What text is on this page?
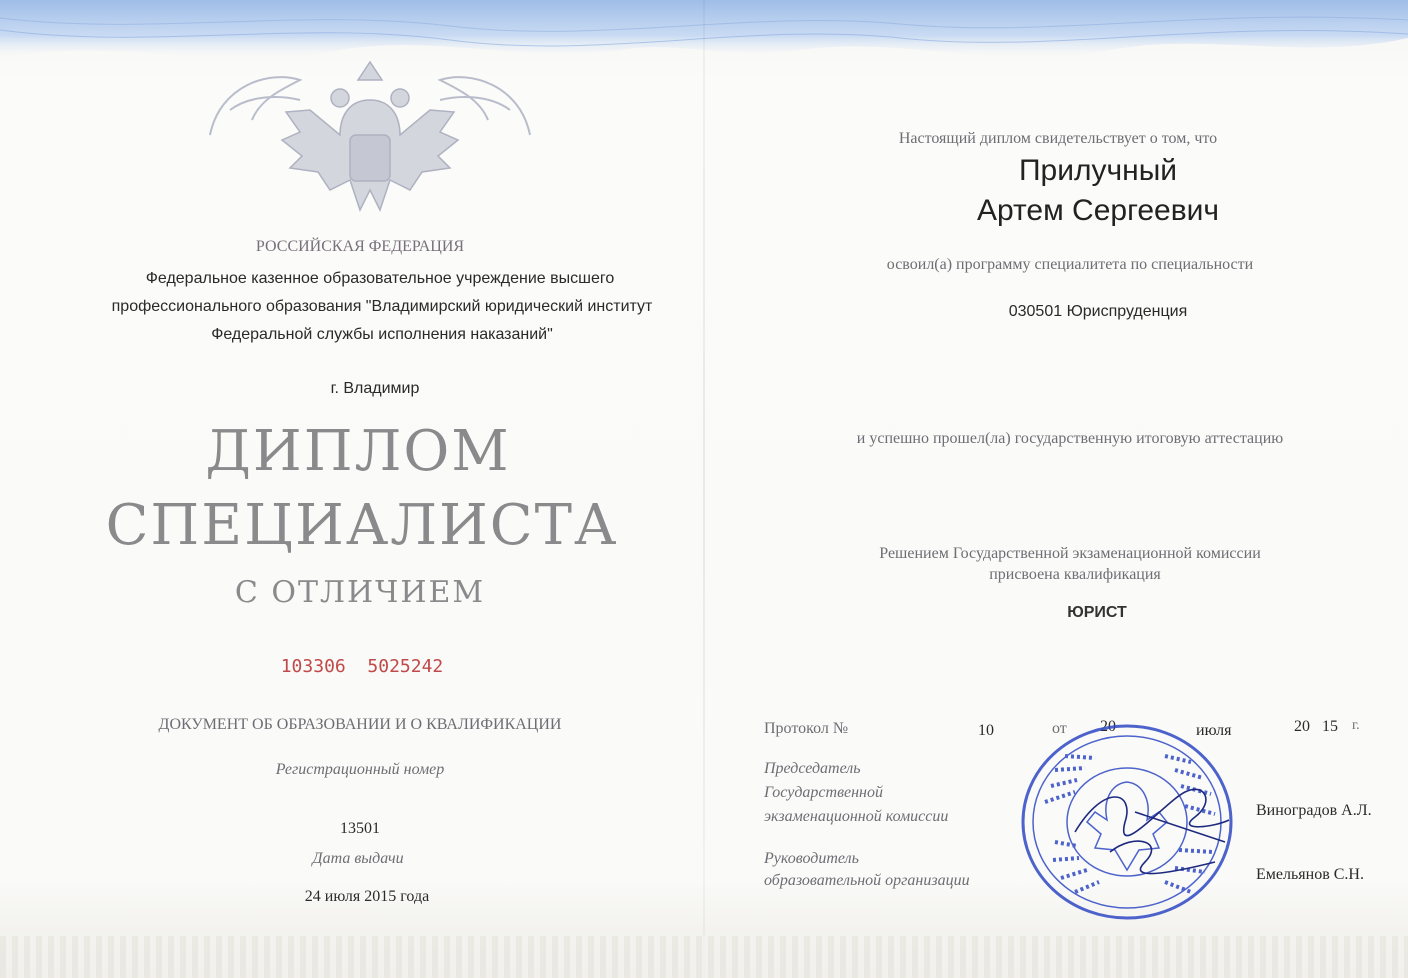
РОССИЙСКАЯ ФЕДЕРАЦИЯ
Федеральное казенное образовательное учреждение высшего
профессионального образования "Владимирский юридический институт
Федеральной службы исполнения наказаний"
г. Владимир
ДИПЛОМ
СПЕЦИАЛИСТА
С ОТЛИЧИЕМ
103306  5025242
ДОКУМЕНТ ОБ ОБРАЗОВАНИИ И О КВАЛИФИКАЦИИ
Регистрационный номер
13501
Дата выдачи
24 июля 2015 года
Настоящий диплом свидетельствует о том, что
Прилучный
Артем Сергеевич
освоил(а) программу специалитета по специальности
030501 Юриспруденция
и успешно прошел(ла) государственную итоговую аттестацию
Решением Государственной экзаменационной комиссии
присвоена квалификация
ЮРИСТ
Протокол №	10	от 20	июля	20 15 г.
Председатель
Государственной
экзаменационной комиссии	Виноградов А.Л.
Руководитель
образовательной организации	Емельянов С.Н.
